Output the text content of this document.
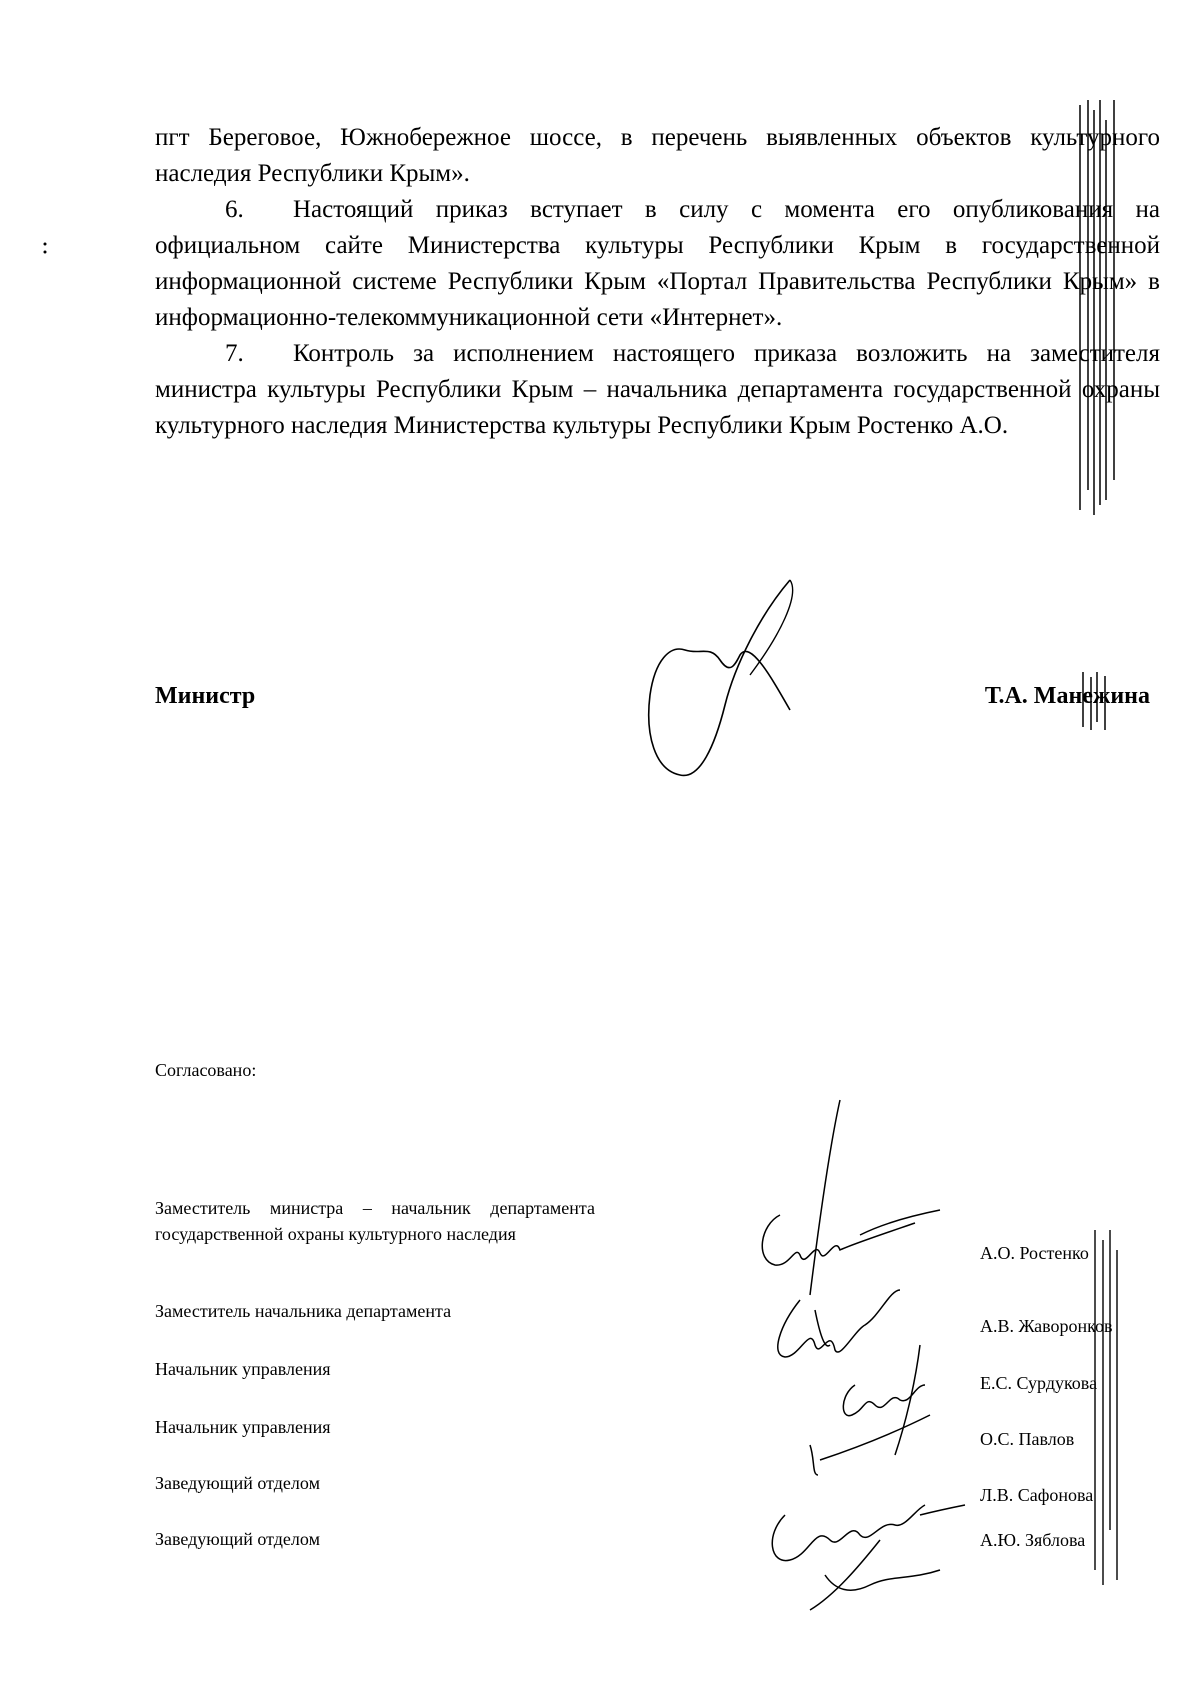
пгт Береговое, Южнобережное шоссе, в перечень выявленных объектов культурного наследия Республики Крым».

6. Настоящий приказ вступает в силу с момента его опубликования на официальном сайте Министерства культуры Республики Крым в государственной информационной системе Республики Крым «Портал Правительства Республики Крым» в информационно-телекоммуникационной сети «Интернет».

7. Контроль за исполнением настоящего приказа возложить на заместителя министра культуры Республики Крым – начальника департамента государственной охраны культурного наследия Министерства культуры Республики Крым Ростенко А.О.

Министр	Т.А. Манежина
Согласовано:
Заместитель министра – начальник департамента государственной охраны культурного наследия
А.О. Ростенко
Заместитель начальника департамента
А.В. Жаворонков
Начальник управления
Е.С. Сурдукова
Начальник управления
О.С. Павлов
Заведующий отделом
Л.В. Сафонова
Заведующий отделом	А.Ю. Зяблова
